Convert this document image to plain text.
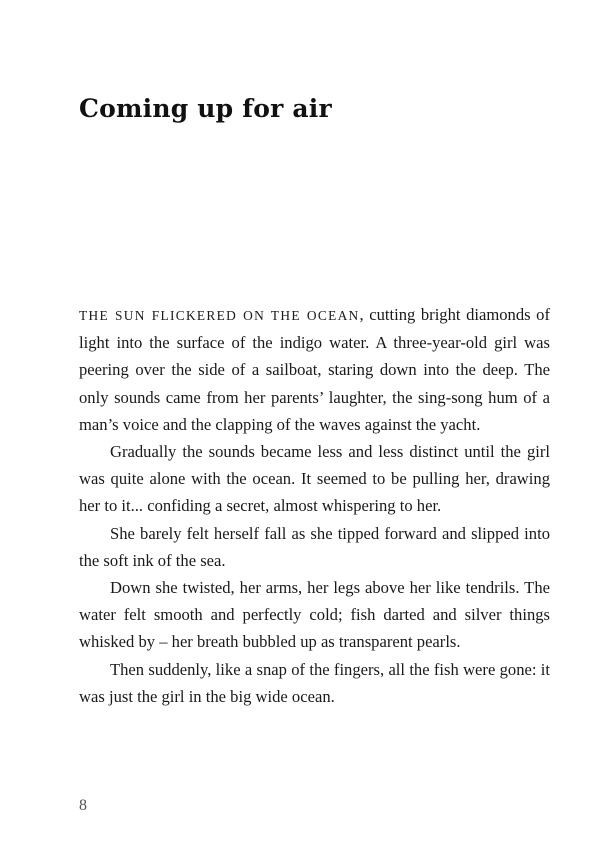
Coming up for air

THE SUN FLICKERED ON THE OCEAN, cutting bright diamonds of light into the surface of the indigo water. A three-year-old girl was peering over the side of a sailboat, staring down into the deep. The only sounds came from her parents’ laughter, the sing-song hum of a man’s voice and the clapping of the waves against the yacht.

Gradually the sounds became less and less distinct until the girl was quite alone with the ocean. It seemed to be pulling her, drawing her to it... confiding a secret, almost whispering to her.

She barely felt herself fall as she tipped forward and slipped into the soft ink of the sea.

Down she twisted, her arms, her legs above her like tendrils. The water felt smooth and perfectly cold; fish darted and silver things whisked by – her breath bubbled up as transparent pearls.

Then suddenly, like a snap of the fingers, all the fish were gone: it was just the girl in the big wide ocean.

8
